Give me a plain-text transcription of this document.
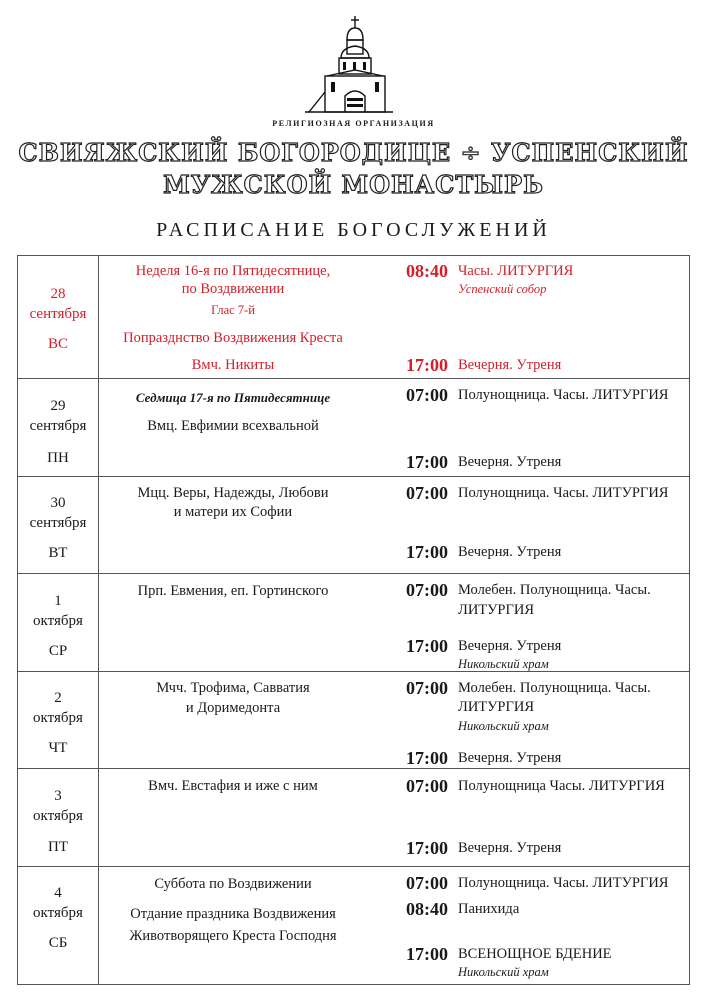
РЕЛИГИОЗНАЯ ОРГАНИЗАЦИЯ
СВИЯЖСКИЙ БОГОРОДИЦЕ ÷ УСПЕНСКИЙ
МУЖСКОЙ МОНАСТЫРЬ
РАСПИСАНИЕ БОГОСЛУЖЕНИЙ
28
сентября
ВС
Неделя 16-я по Пятидесятнице,
по Воздвижении
Глас 7-й
Попразднство Воздвижения Креста
Вмч. Никиты
08:40 Часы. ЛИТУРГИЯ
Успенский собор
17:00 Вечерня. Утреня
29
сентября
ПН
Седмица 17-я по Пятидесятнице
Вмц. Евфимии всехвальной
07:00 Полунощница. Часы. ЛИТУРГИЯ
17:00 Вечерня. Утреня
30
сентября
ВТ
Мцц. Веры, Надежды, Любови
и матери их Софии
07:00 Полунощница. Часы. ЛИТУРГИЯ
17:00 Вечерня. Утреня
1
октября
СР
Прп. Евмения, еп. Гортинского	07:00 Молебен. Полунощница. Часы.
ЛИТУРГИЯ
17:00 Вечерня. Утреня
Никольский храм
2
октября
ЧТ
Мчч. Трофима, Савватия
и Доримедонта
07:00 Молебен. Полунощница. Часы.
ЛИТУРГИЯ
Никольский храм
17:00 Вечерня. Утреня
3
октября
ПТ
Вмч. Евстафия и иже с ним	07:00 Полунощница Часы. ЛИТУРГИЯ
17:00 Вечерня. Утреня
4
октября
СБ
Суббота по Воздвижении
Отдание праздника Воздвижения
Животворящего Креста Господня
07:00 Полунощница. Часы. ЛИТУРГИЯ
08:40 Панихида
17:00 ВСЕНОЩНОЕ БДЕНИЕ
Никольский храм
